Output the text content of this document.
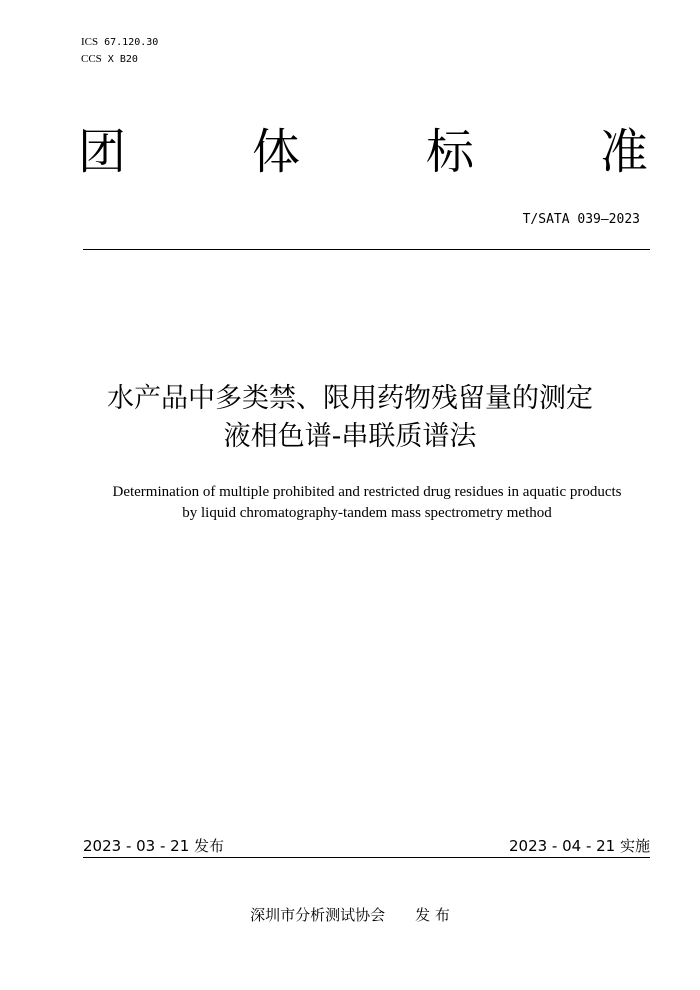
ICS 67.120.30
CCS X B20
团	体	标	准
T/SATA 039—2023
水产品中多类禁、限用药物残留量的测定
液相色谱-串联质谱法
Determination of multiple prohibited and restricted drug residues in aquatic products
by liquid chromatography-tandem mass spectrometry method
2023 - 03 - 21 发布	2023 - 04 - 21 实施
深圳市分析测试协会 发 布
